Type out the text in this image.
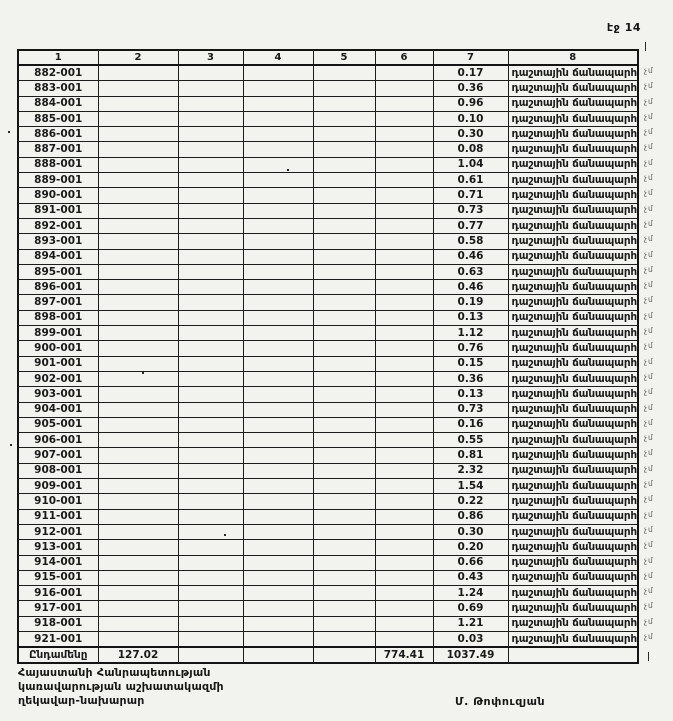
էջ 14
1	2	3	4	5	6	7	8
882-001						0.17	դաշտային ճանապարհ
883-001						0.36	դաշտային ճանապարհ
884-001						0.96	դաշտային ճանապարհ
885-001						0.10	դաշտային ճանապարհ
886-001						0.30	դաշտային ճանապարհ
887-001						0.08	դաշտային ճանապարհ
888-001						1.04	դաշտային ճանապարհ
889-001						0.61	դաշտային ճանապարհ
890-001						0.71	դաշտային ճանապարհ
891-001						0.73	դաշտային ճանապարհ
892-001						0.77	դաշտային ճանապարհ
893-001						0.58	դաշտային ճանապարհ
894-001						0.46	դաշտային ճանապարհ
895-001						0.63	դաշտային ճանապարհ
896-001						0.46	դաշտային ճանապարհ
897-001						0.19	դաշտային ճանապարհ
898-001						0.13	դաշտային ճանապարհ
899-001						1.12	դաշտային ճանապարհ
900-001						0.76	դաշտային ճանապարհ
901-001						0.15	դաշտային ճանապարհ
902-001						0.36	դաշտային ճանապարհ
903-001						0.13	դաշտային ճանապարհ
904-001						0.73	դաշտային ճանապարհ
905-001						0.16	դաշտային ճանապարհ
906-001						0.55	դաշտային ճանապարհ
907-001						0.81	դաշտային ճանապարհ
908-001						2.32	դաշտային ճանապարհ
909-001						1.54	դաշտային ճանապարհ
910-001						0.22	դաշտային ճանապարհ
911-001						0.86	դաշտային ճանապարհ
912-001						0.30	դաշտային ճանապարհ
913-001						0.20	դաշտային ճանապարհ
914-001						0.66	դաշտային ճանապարհ
915-001						0.43	դաշտային ճանապարհ
916-001						1.24	դաշտային ճանապարհ
917-001						0.69	դաշտային ճանապարհ
918-001						1.21	դաշտային ճանապարհ
921-001						0.03	դաշտային ճանապարհ
Ընդամենը	127.02				774.41	1037.49	
չմ
չմ
չմ
չմ
չմ
չմ
չմ
չմ
չմ
չմ
չմ
չմ
չմ
չմ
չմ
չմ
չմ
չմ
չմ
չմ
չմ
չմ
չմ
չմ
չմ
չմ
չմ
չմ
չմ
չմ
չմ
չմ
չմ
չմ
չմ
չմ
չմ
չմ
Հայաստանի Հանրապետության
կառավարության աշխատակազմի
ղեկավար-նախարար	Մ. Թոփուզյան
